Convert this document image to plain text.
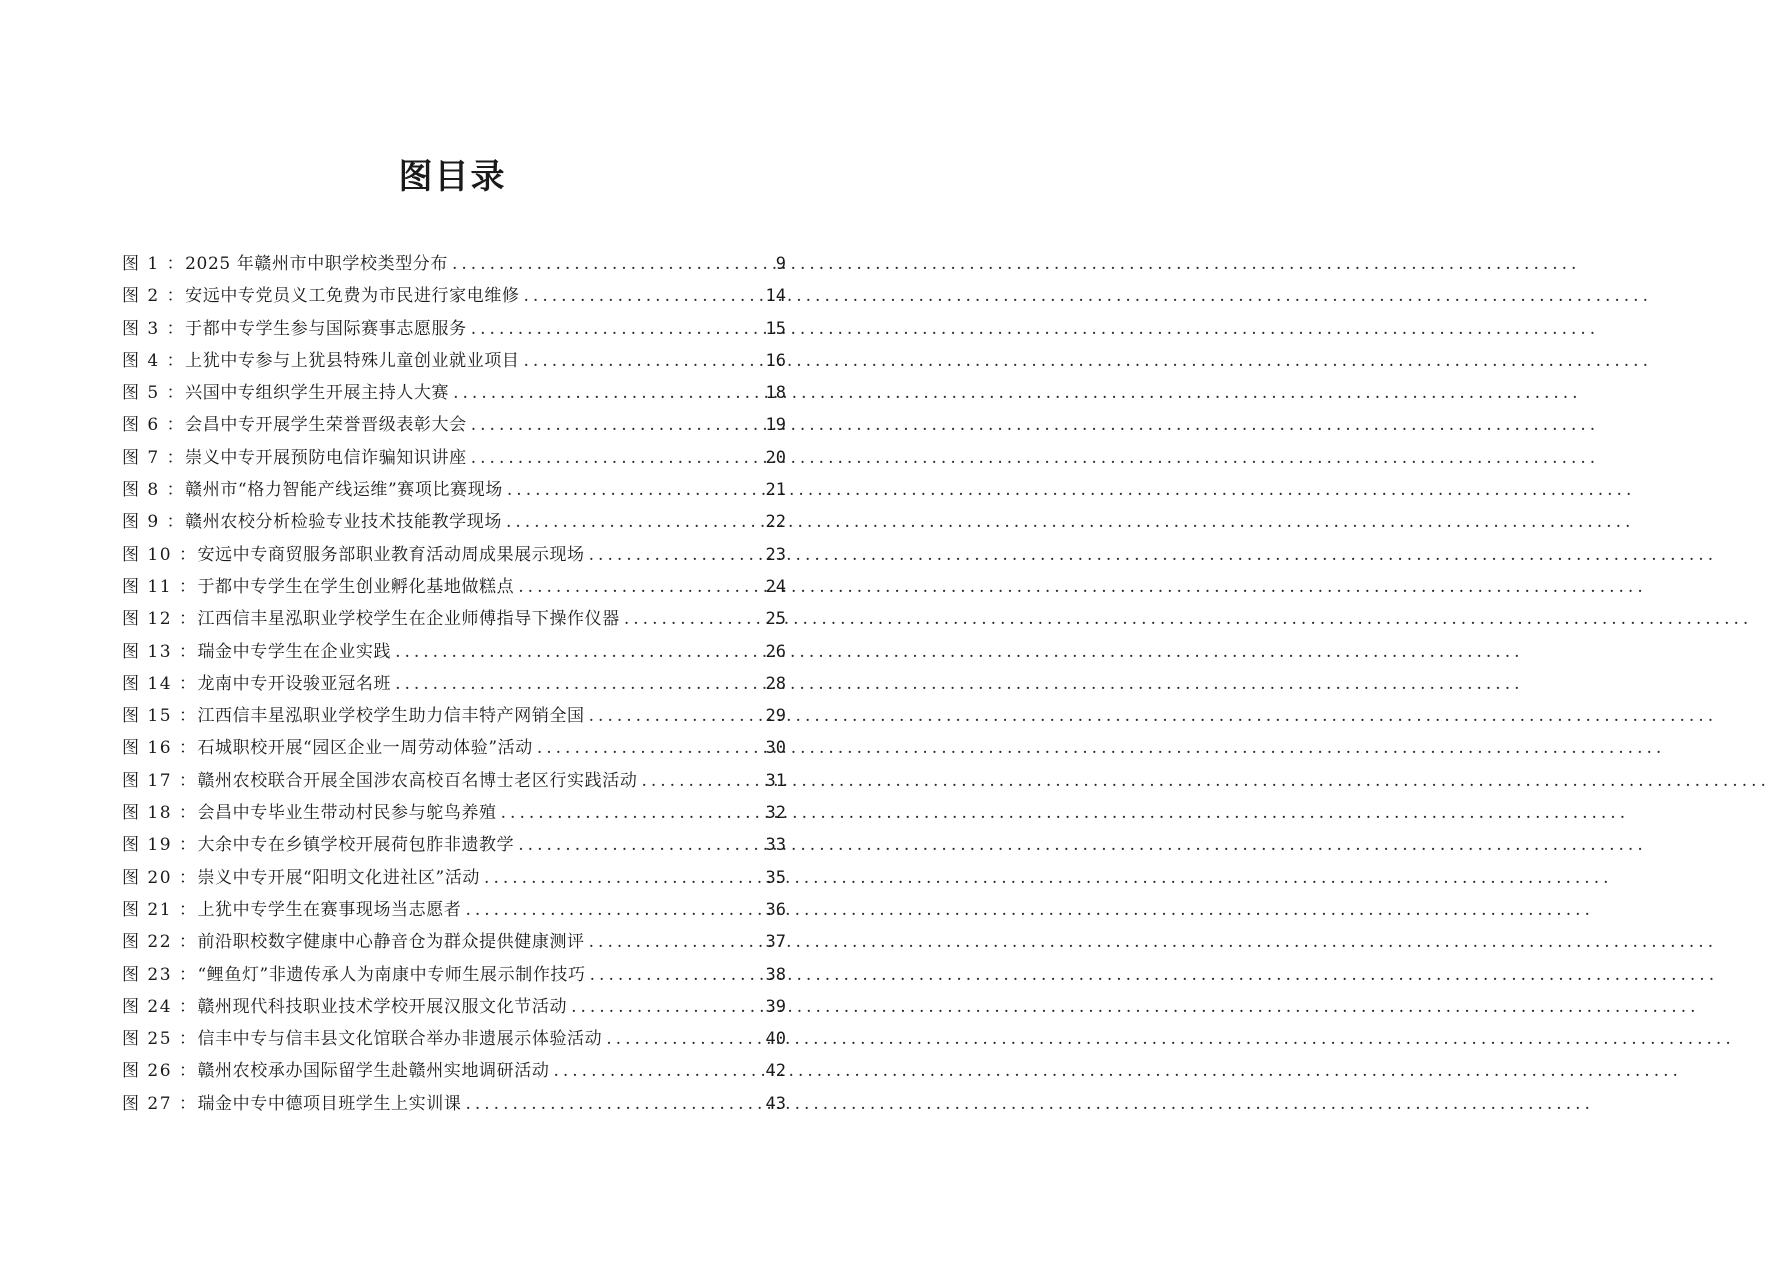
图目录
图 1 ： 2025 年赣州市中职学校类型分布 .....	9
图 2 ： 安远中专党员义工免费为市民进行家电维修 .....	14
图 3 ： 于都中专学生参与国际赛事志愿服务 .....	15
图 4 ： 上犹中专参与上犹县特殊儿童创业就业项目 .....	16
图 5 ： 兴国中专组织学生开展主持人大赛 .....	18
图 6 ： 会昌中专开展学生荣誉晋级表彰大会 .....	19
图 7 ： 崇义中专开展预防电信诈骗知识讲座 .....	20
图 8 ： 赣州市“格力智能产线运维”赛项比赛现场 .....	21
图 9 ： 赣州农校分析检验专业技术技能教学现场 .....	22
图 10 ： 安远中专商贸服务部职业教育活动周成果展示现场 .....	23
图 11 ： 于都中专学生在学生创业孵化基地做糕点 .....	24
图 12 ： 江西信丰星泓职业学校学生在企业师傅指导下操作仪器 .....	25
图 13 ： 瑞金中专学生在企业实践 .....	26
图 14 ： 龙南中专开设骏亚冠名班 .....	28
图 15 ： 江西信丰星泓职业学校学生助力信丰特产网销全国 .....	29
图 16 ： 石城职校开展“园区企业一周劳动体验”活动 .....	30
图 17 ： 赣州农校联合开展全国涉农高校百名博士老区行实践活动 .....	31
图 18 ： 会昌中专毕业生带动村民参与鸵鸟养殖 .....	32
图 19 ： 大余中专在乡镇学校开展荷包胙非遗教学 .....	33
图 20 ： 崇义中专开展“阳明文化进社区”活动 .....	35
图 21 ： 上犹中专学生在赛事现场当志愿者 .....	36
图 22 ： 前沿职校数字健康中心静音仓为群众提供健康测评 .....	37
图 23 ： “鲤鱼灯”非遗传承人为南康中专师生展示制作技巧 .....	38
图 24 ： 赣州现代科技职业技术学校开展汉服文化节活动 .....	39
图 25 ： 信丰中专与信丰县文化馆联合举办非遗展示体验活动 .....	40
图 26 ： 赣州农校承办国际留学生赴赣州实地调研活动 .....	42
图 27 ： 瑞金中专中德项目班学生上实训课 .....	43
